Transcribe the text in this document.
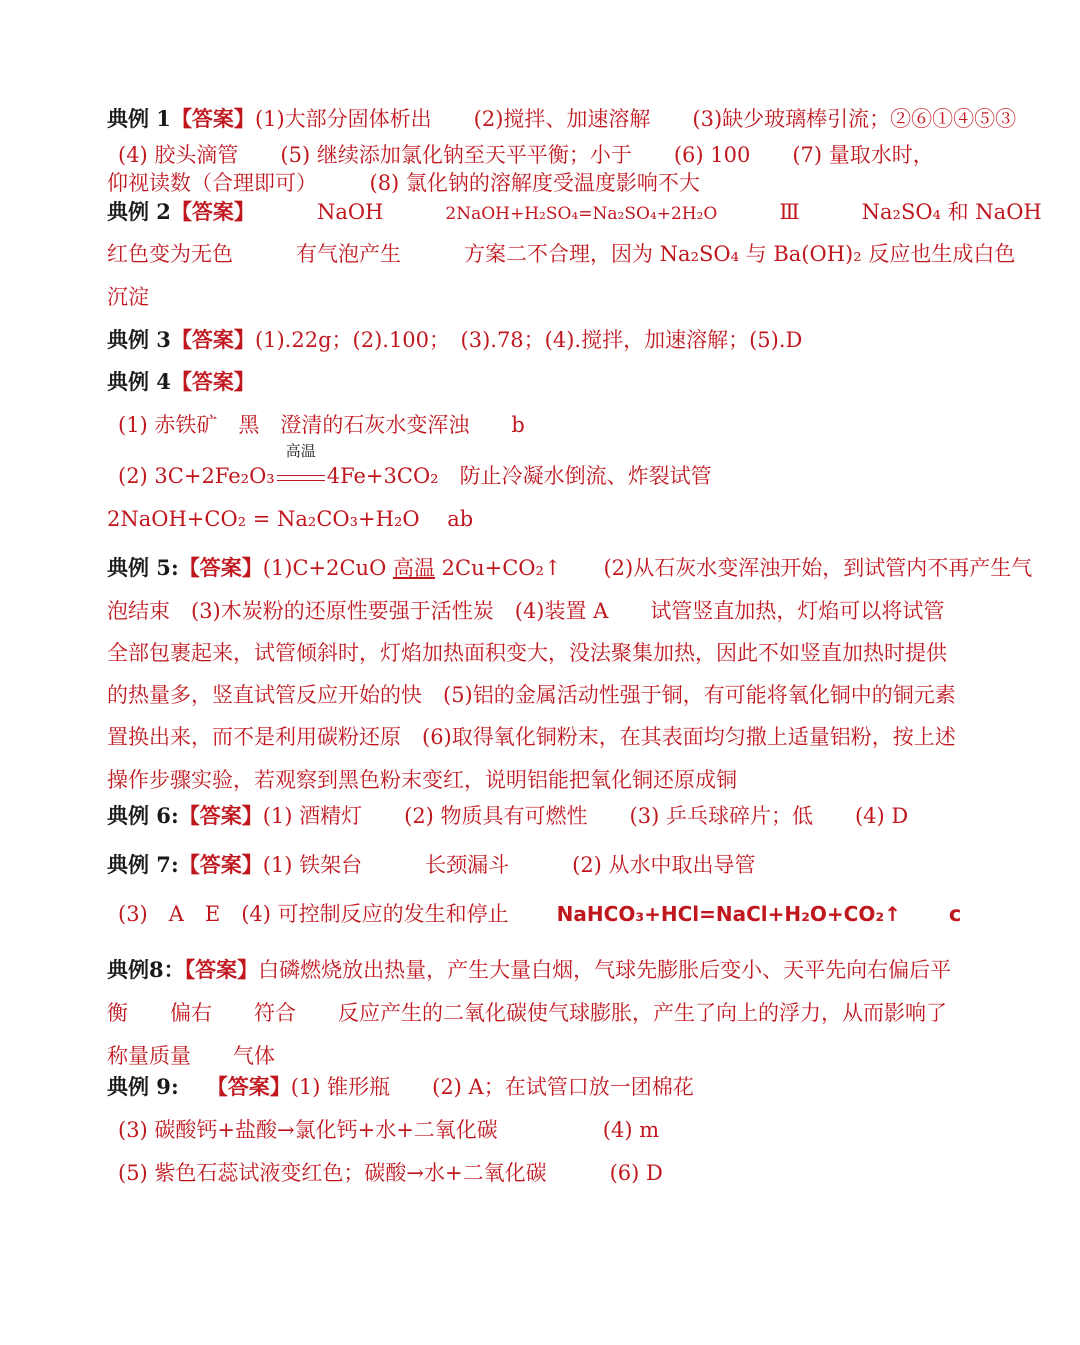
典例 1【答案】(1)大部分固体析出　　(2)搅拌、加速溶解　　(3)缺少玻璃棒引流；②⑥①④⑤③
(4) 胶头滴管　　(5) 继续添加氯化钠至天平平衡；小于　　(6) 100　　(7) 量取水时，
仰视读数（合理即可）　　　(8) 氯化钠的溶解度受温度影响不大
典例 2【答案】	NaOH	2NaOH+H₂SO₄=Na₂SO₄+2H₂O	Ⅲ	Na₂SO₄ 和 NaOH
红色变为无色　　　有气泡产生　　　方案二不合理，因为 Na₂SO₄ 与 Ba(OH)₂ 反应也生成白色
沉淀
典例 3【答案】(1).22g；(2).100；　(3).78；(4).搅拌，加速溶解；(5).D
典例 4【答案】
(1) 赤铁矿　黑　澄清的石灰水变浑浊　　b
(2) 3C+2Fe₂O₃
高温
4Fe+3CO₂　防止冷凝水倒流、炸裂试管
2NaOH+CO₂ = Na₂CO₃+H₂O　 ab
典例 5:【答案】(1)C+2CuO 高温 2Cu+CO₂↑　　(2)从石灰水变浑浊开始，到试管内不再产生气
泡结束　(3)木炭粉的还原性要强于活性炭　(4)装置 A　　试管竖直加热，灯焰可以将试管
全部包裹起来，试管倾斜时，灯焰加热面积变大，没法聚集加热，因此不如竖直加热时提供
的热量多，竖直试管反应开始的快　(5)铝的金属活动性强于铜，有可能将氧化铜中的铜元素
置换出来，而不是利用碳粉还原　(6)取得氧化铜粉末，在其表面均匀撒上适量铝粉，按上述
操作步骤实验，若观察到黑色粉末变红，说明铝能把氧化铜还原成铜
典例 6:【答案】(1) 酒精灯　　(2) 物质具有可燃性　　(3) 乒乓球碎片；低　　(4) D
典例 7:【答案】(1) 铁架台　　　长颈漏斗　　　(2) 从水中取出导管
(3)　A　E　(4) 可控制反应的发生和停止 NaHCO₃+HCl=NaCl+H₂O+CO₂↑ c
典例8：【答案】白磷燃烧放出热量，产生大量白烟，气球先膨胀后变小、天平先向右偏后平
衡　　偏右　　符合　　反应产生的二氧化碳使气球膨胀，产生了向上的浮力，从而影响了
称量质量　　气体
典例 9: 【答案】(1) 锥形瓶　　(2) A；在试管口放一团棉花
(3) 碳酸钙+盐酸→氯化钙+水+二氧化碳　　　　　(4) m
(5) 紫色石蕊试液变红色；碳酸→水+二氧化碳　　　(6) D
